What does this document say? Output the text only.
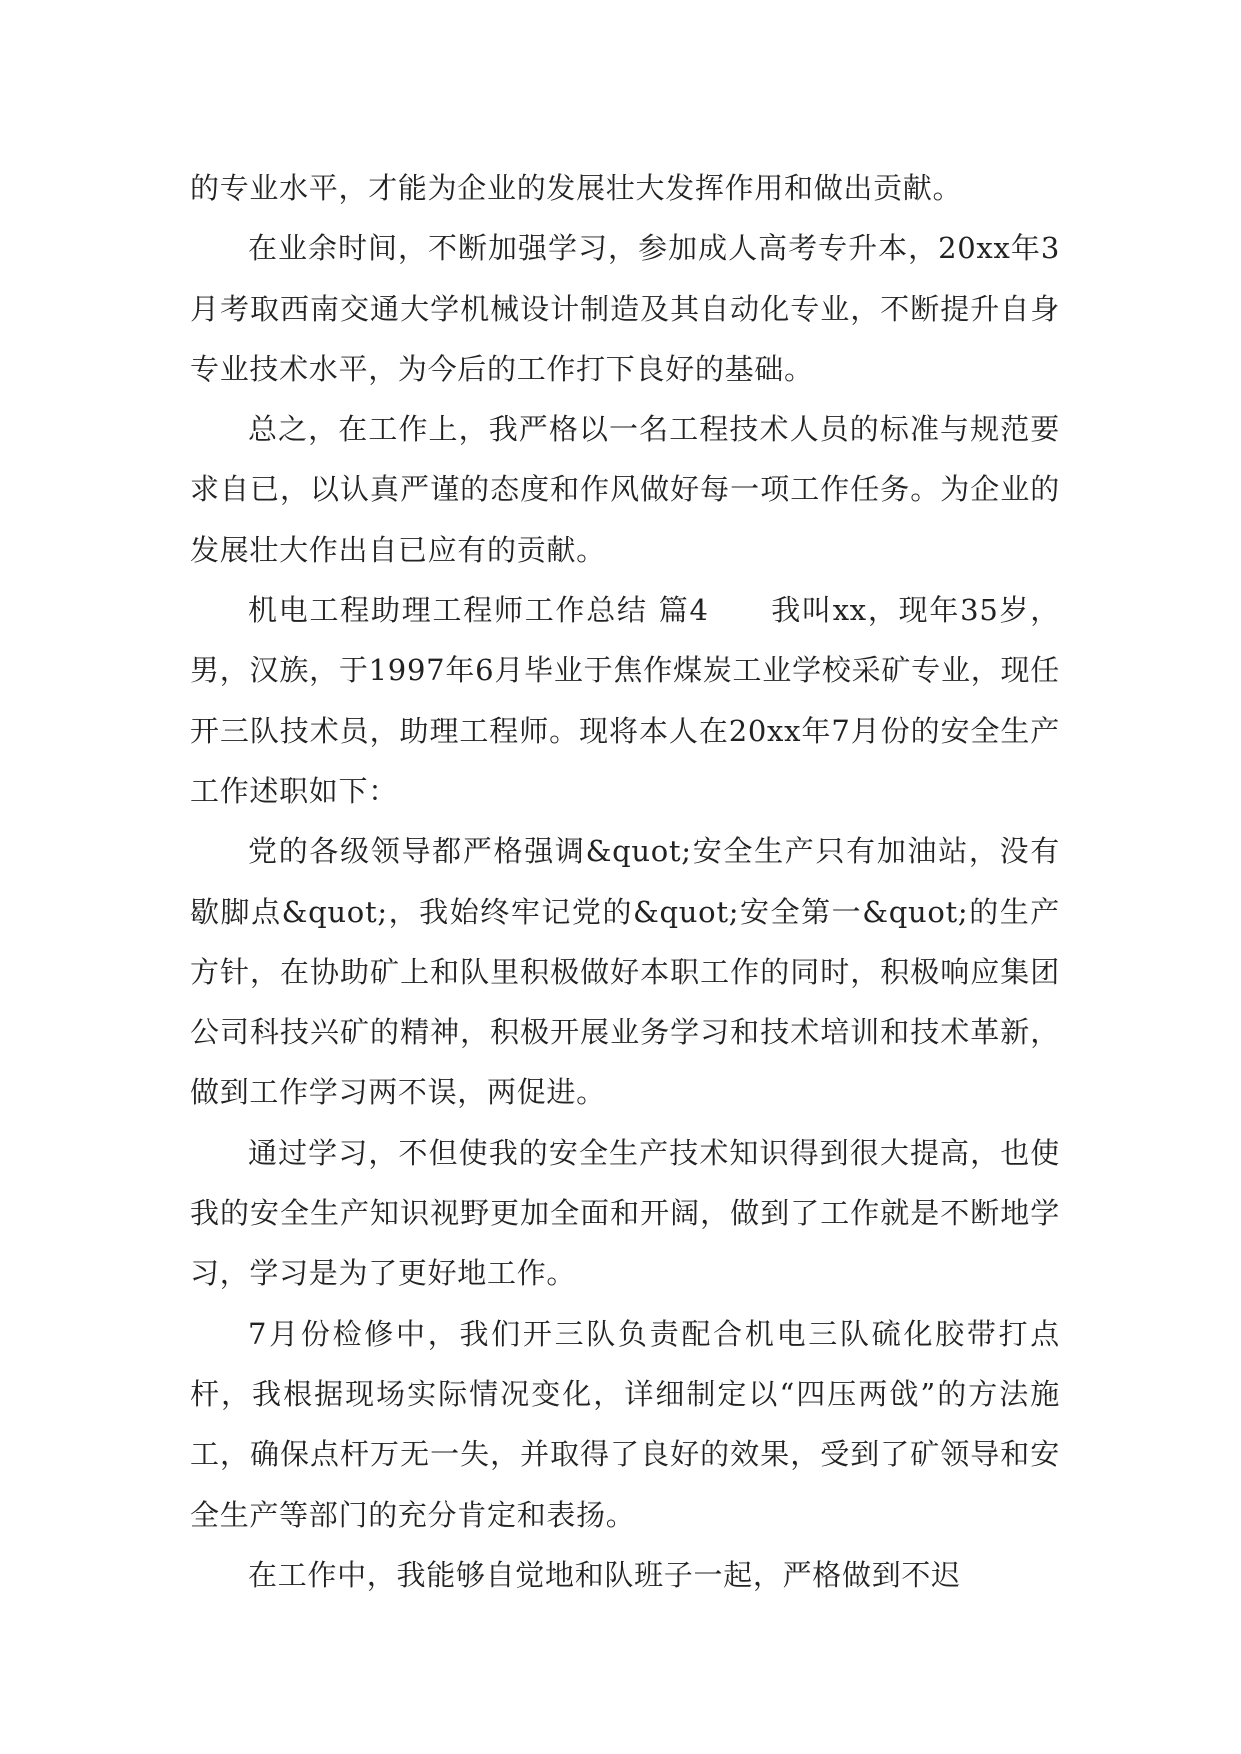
的专业水平，才能为企业的发展壮大发挥作用和做出贡献。

在业余时间，不断加强学习，参加成人高考专升本，20xx年3月考取西南交通大学机械设计制造及其自动化专业，不断提升自身专业技术水平，为今后的工作打下良好的基础。

总之，在工作上，我严格以一名工程技术人员的标准与规范要求自已，以认真严谨的态度和作风做好每一项工作任务。为企业的发展壮大作出自已应有的贡献。

机电工程助理工程师工作总结 篇4　　我叫xx，现年35岁，男，汉族，于1997年6月毕业于焦作煤炭工业学校采矿专业，现任开三队技术员，助理工程师。现将本人在20xx年7月份的安全生产工作述职如下：

党的各级领导都严格强调&quot;安全生产只有加油站，没有歇脚点&quot;，我始终牢记党的&quot;安全第一&quot;的生产方针，在协助矿上和队里积极做好本职工作的同时，积极响应集团公司科技兴矿的精神，积极开展业务学习和技术培训和技术革新，做到工作学习两不误，两促进。

通过学习，不但使我的安全生产技术知识得到很大提高，也使我的安全生产知识视野更加全面和开阔，做到了工作就是不断地学习，学习是为了更好地工作。

7月份检修中，我们开三队负责配合机电三队硫化胶带打点杆，我根据现场实际情况变化，详细制定以“四压两戗”的方法施工，确保点杆万无一失，并取得了良好的效果，受到了矿领导和安全生产等部门的充分肯定和表扬。

在工作中，我能够自觉地和队班子一起，严格做到不迟
